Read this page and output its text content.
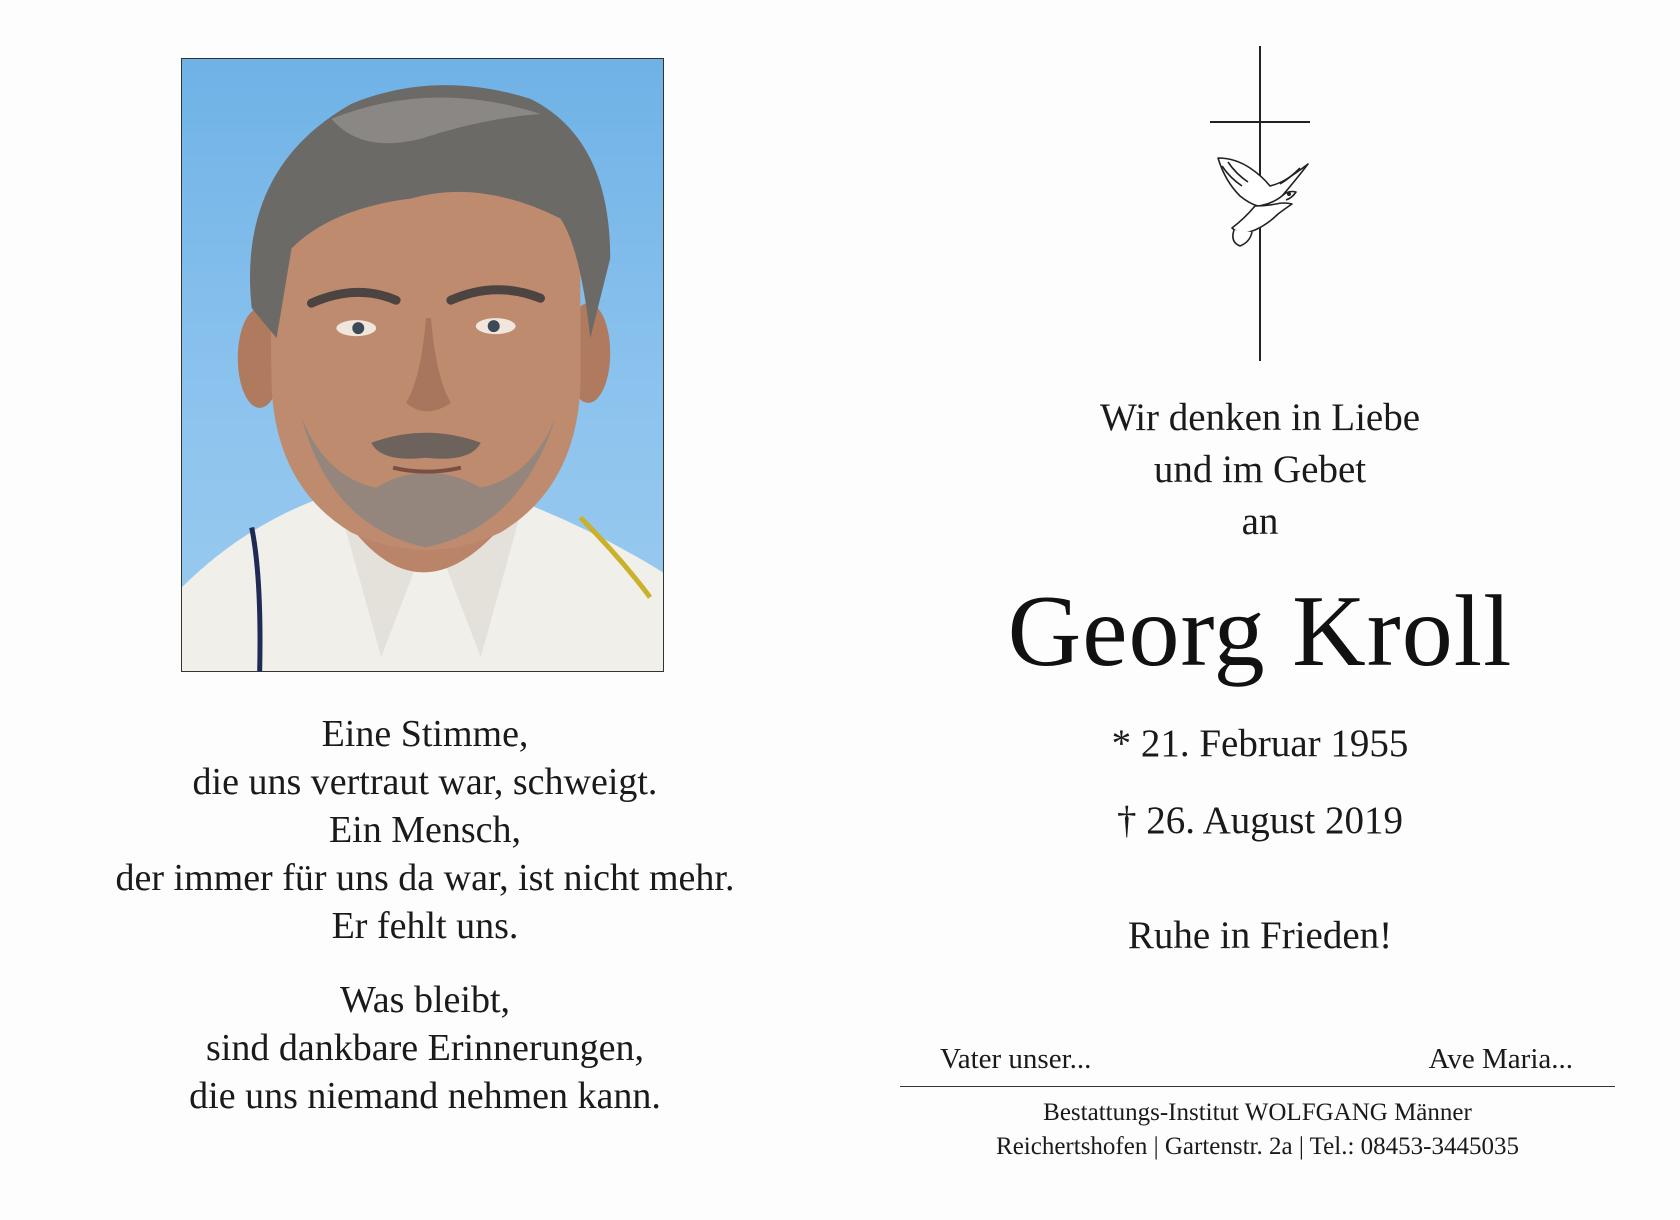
Eine Stimme,
die uns vertraut war, schweigt.
Ein Mensch,
der immer für uns da war, ist nicht mehr.
Er fehlt uns.
Was bleibt,
sind dankbare Erinnerungen,
die uns niemand nehmen kann.
Wir denken in Liebe
und im Gebet
an
Georg Kroll
* 21. Februar 1955
† 26. August 2019
Ruhe in Frieden!
Vater unser...	Ave Maria...
Bestattungs-Institut WOLFGANG Männer
Reichertshofen | Gartenstr. 2a | Tel.: 08453-3445035
